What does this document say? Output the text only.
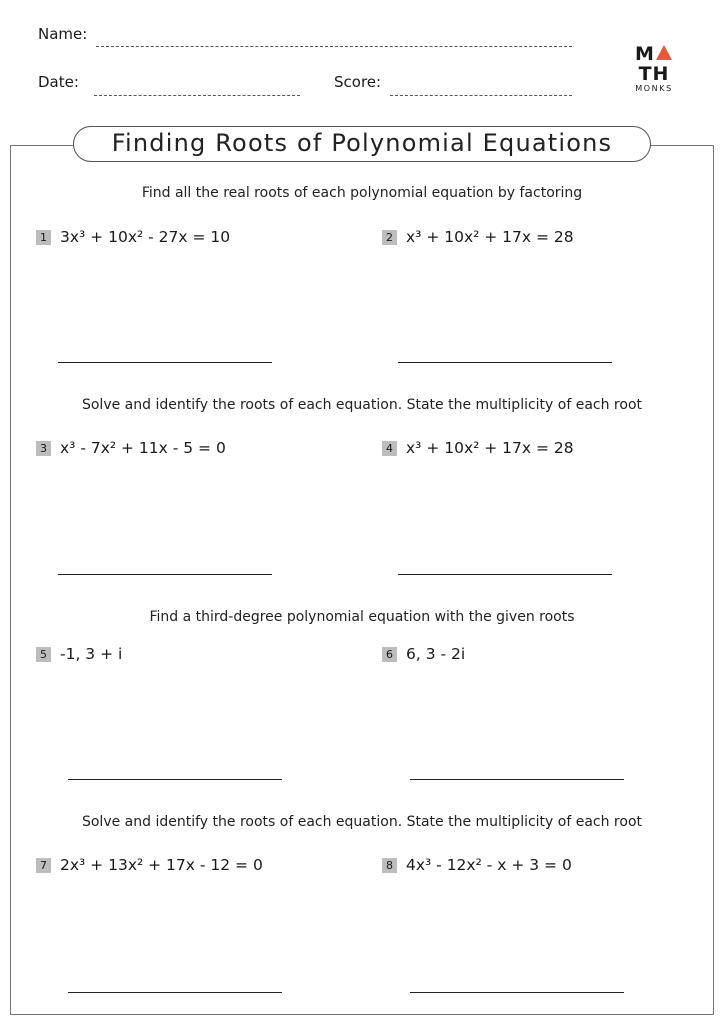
Name:
Date:	Score:
MTH
MONKS
Finding Roots of Polynomial Equations
Find all the real roots of each polynomial equation by factoring
1 3x³ + 10x² - 27x = 10	2 x³ + 10x² + 17x = 28
Solve and identify the roots of each equation. State the multiplicity of each root
3 x³ - 7x² + 11x - 5 = 0	4 x³ + 10x² + 17x = 28
Find a third-degree polynomial equation with the given roots
5 -1, 3 + i	6 6, 3 - 2i
Solve and identify the roots of each equation. State the multiplicity of each root
7 2x³ + 13x² + 17x - 12 = 0	8 4x³ - 12x² - x + 3 = 0
